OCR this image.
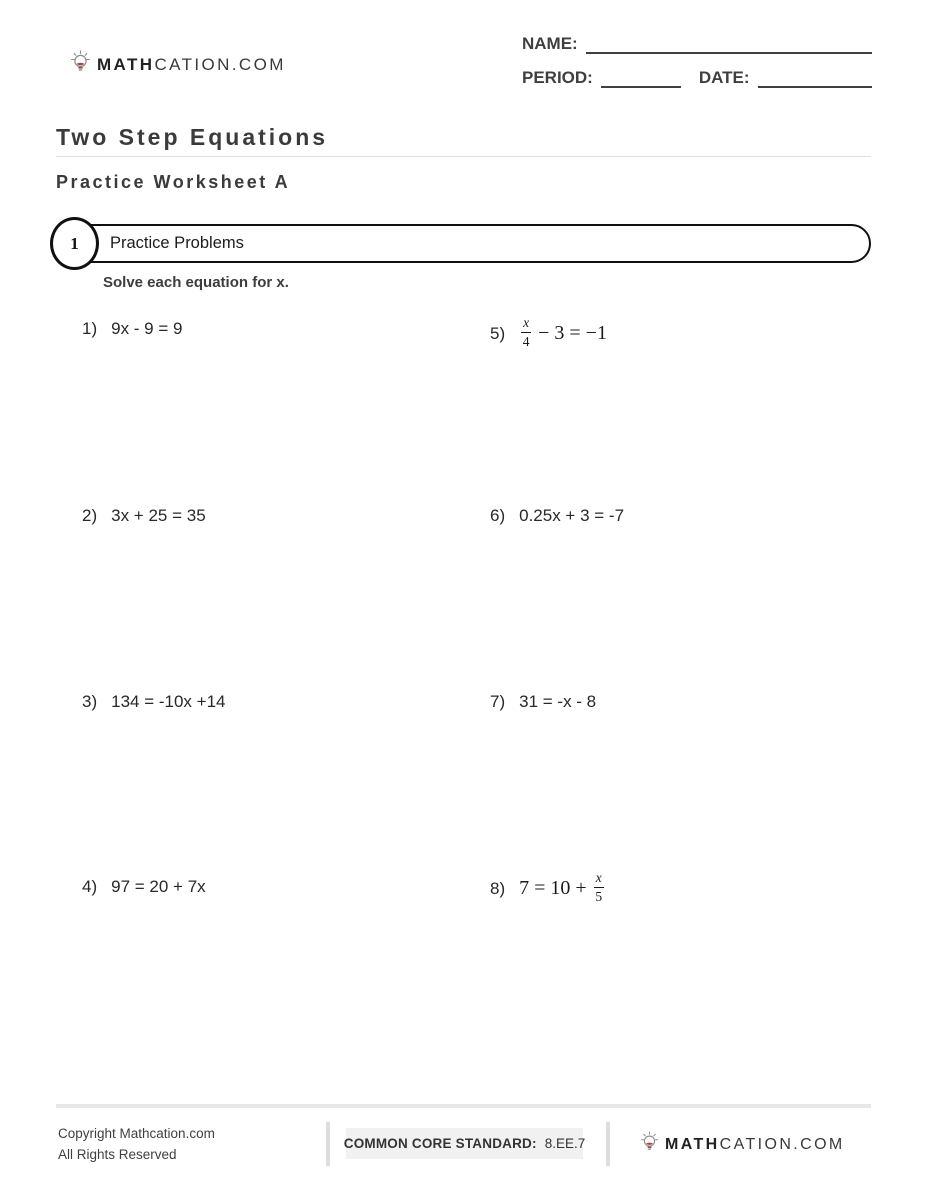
MATHCATION.COM
NAME:
PERIOD:	DATE:
Two Step Equations
Practice Worksheet A
1 Practice Problems
Solve each equation for x.
1) 9x - 9 = 9
2) 3x + 25 = 35
3) 134 = -10x +14
4) 97 = 20 + 7x
$5) \frac{x}{4} - 3 = -1$
6) 0.25x + 3 = -7
7) 31 = -x - 8
8) $7 = 10 + \frac{x}{5}$
Copyright Mathcation.com
All Rights Reserved
COMMON CORE STANDARD: 8.EE.7	MATHCATION.COM
